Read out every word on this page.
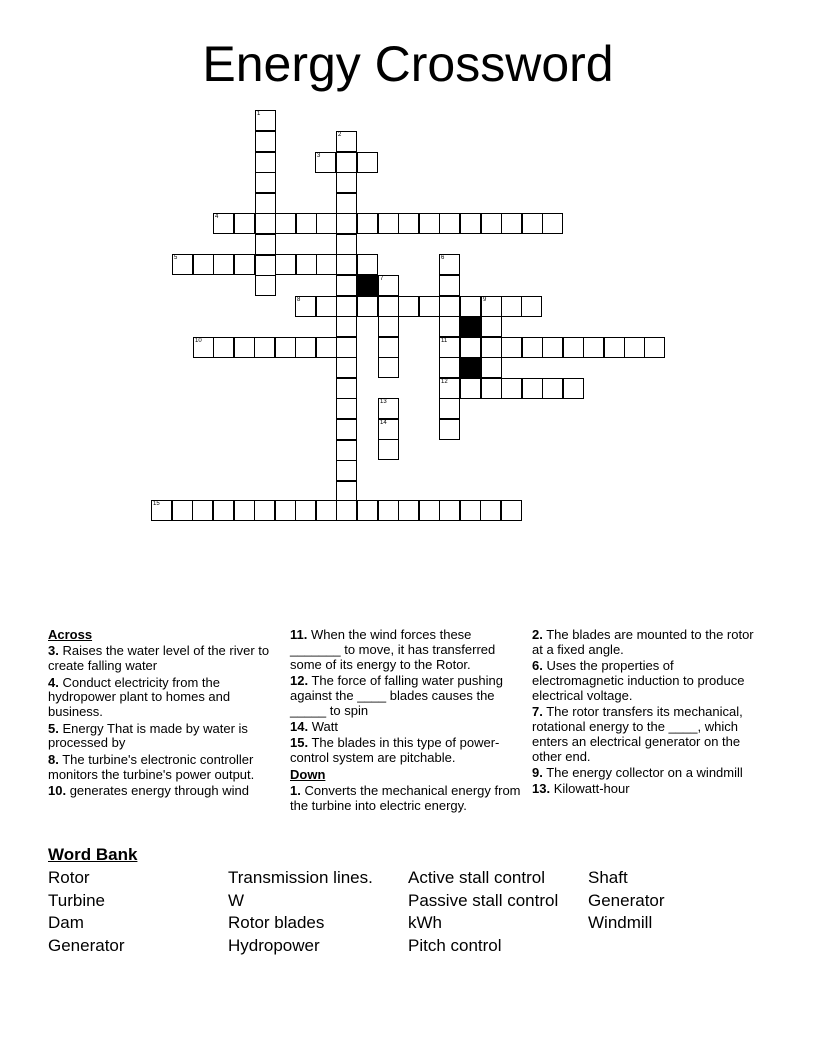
Energy Crossword
1
2
3
4
5	6
7
8	9
10	11
12
13
14
15

Across

3. Raises the water level of the river to create falling water

4. Conduct electricity from the hydropower plant to homes and business.

5. Energy That is made by water is processed by

8. The turbine's electronic controller monitors the turbine's power output.

10. generates energy through wind

11. When the wind forces these _______ to move, it has transferred some of its energy to the Rotor.

12. The force of falling water pushing against the ____ blades causes the _____ to spin

14. Watt

15. The blades in this type of power-control system are pitchable.

Down

1. Converts the mechanical energy from the turbine into electric energy.

2. The blades are mounted to the rotor at a fixed angle.

6. Uses the properties of electromagnetic induction to produce electrical voltage.

7. The rotor transfers its mechanical, rotational energy to the ____, which enters an electrical generator on the other end.

9. The energy collector on a windmill

13. Kilowatt-hour

Word Bank
Rotor
Turbine
Dam
Generator
Transmission lines.
W
Rotor blades
Hydropower
Active stall control
Passive stall control
kWh
Pitch control
Shaft
Generator
Windmill
